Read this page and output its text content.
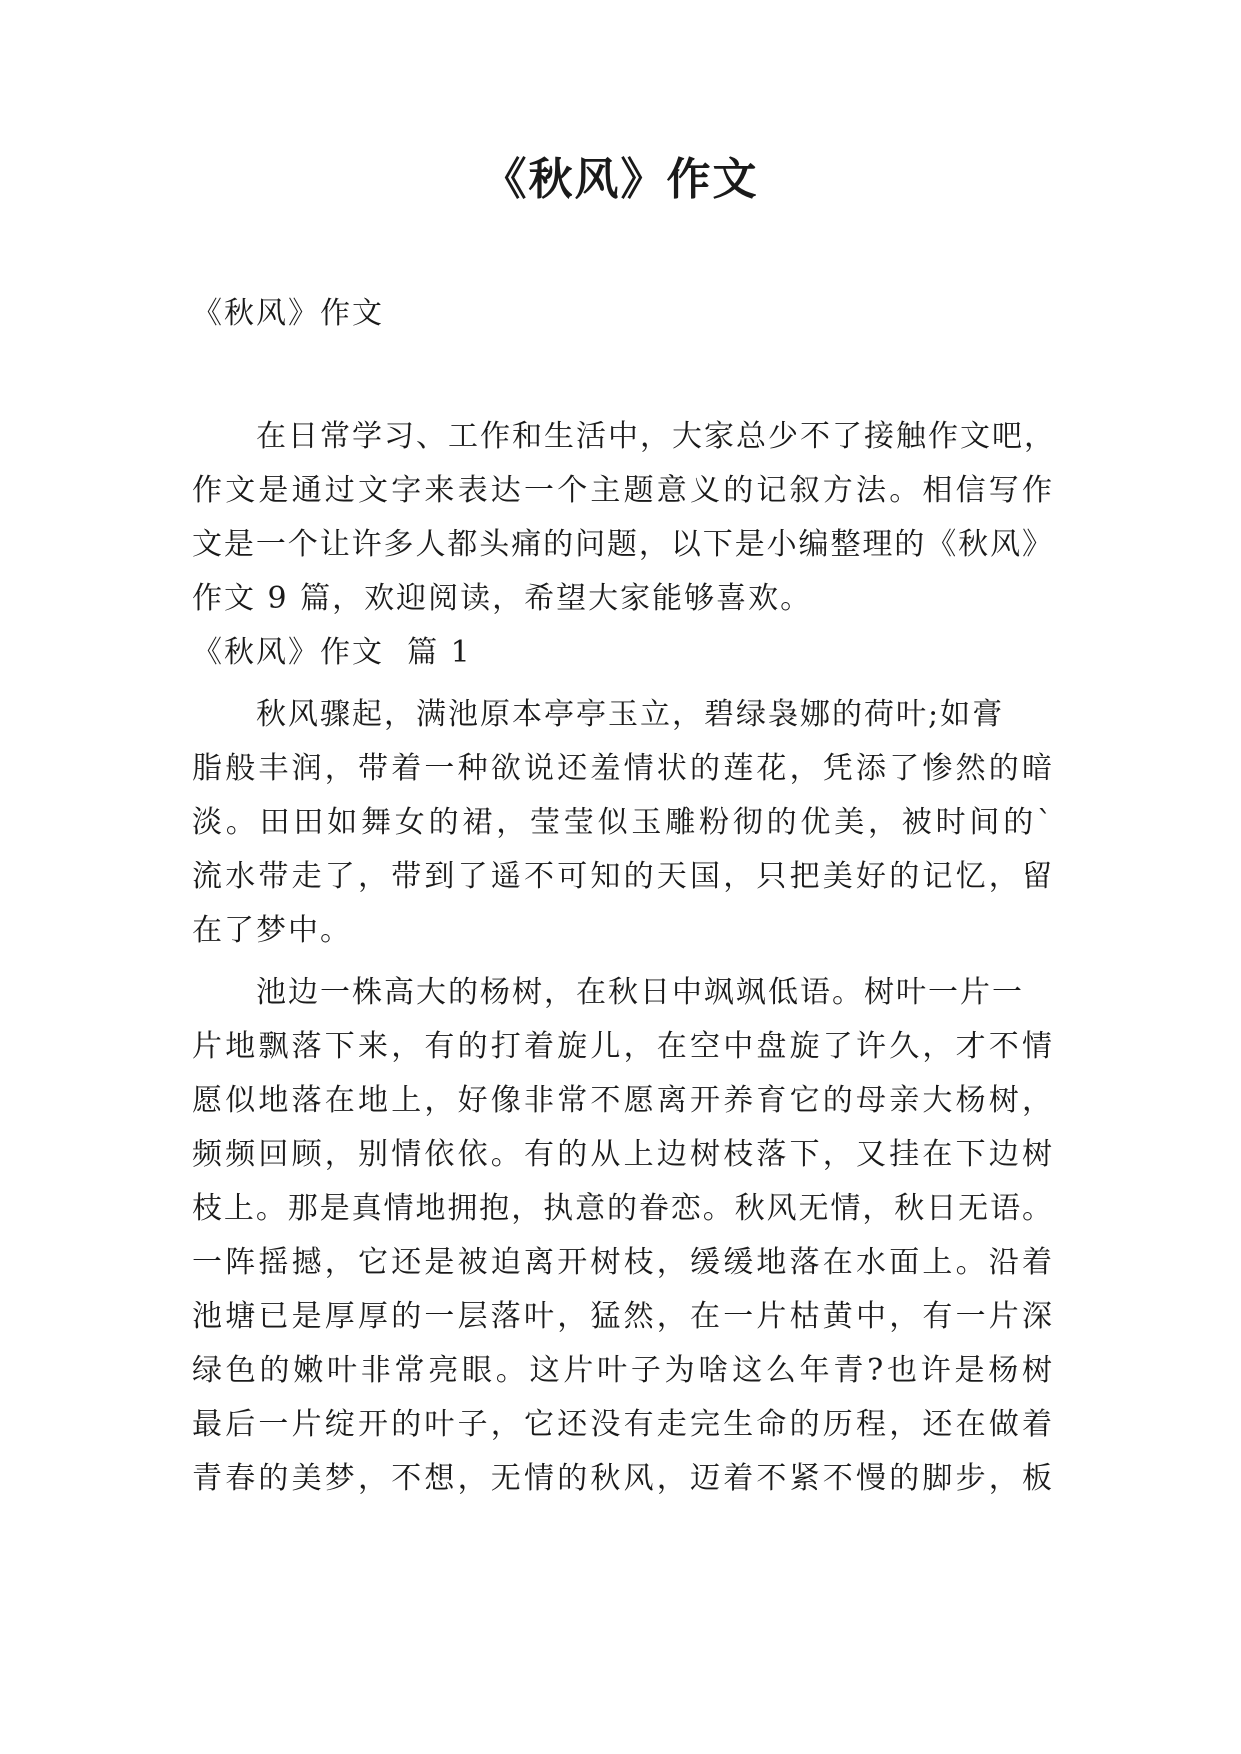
《秋风》作文
《秋风》作文
在日常学习、工作和生活中，大家总少不了接触作文吧，
作文是通过文字来表达一个主题意义的记叙方法。相信写作
文是一个让许多人都头痛的问题，以下是小编整理的《秋风》
作文 9 篇，欢迎阅读，希望大家能够喜欢。
《秋风》作文  篇 1
秋风骤起，满池原本亭亭玉立，碧绿袅娜的荷叶;如膏
脂般丰润，带着一种欲说还羞情状的莲花，凭添了惨然的暗
淡。田田如舞女的裙，莹莹似玉雕粉彻的优美，被时间的`
流水带走了，带到了遥不可知的天国，只把美好的记忆，留
在了梦中。
池边一株高大的杨树，在秋日中飒飒低语。树叶一片一
片地飘落下来，有的打着旋儿，在空中盘旋了许久，才不情
愿似地落在地上，好像非常不愿离开养育它的母亲大杨树，
频频回顾，别情依依。有的从上边树枝落下，又挂在下边树
枝上。那是真情地拥抱，执意的眷恋。秋风无情，秋日无语。
一阵摇撼，它还是被迫离开树枝，缓缓地落在水面上。沿着
池塘已是厚厚的一层落叶，猛然，在一片枯黄中，有一片深
绿色的嫩叶非常亮眼。这片叶子为啥这么年青?也许是杨树
最后一片绽开的叶子，它还没有走完生命的历程，还在做着
青春的美梦，不想，无情的秋风，迈着不紧不慢的脚步，板
